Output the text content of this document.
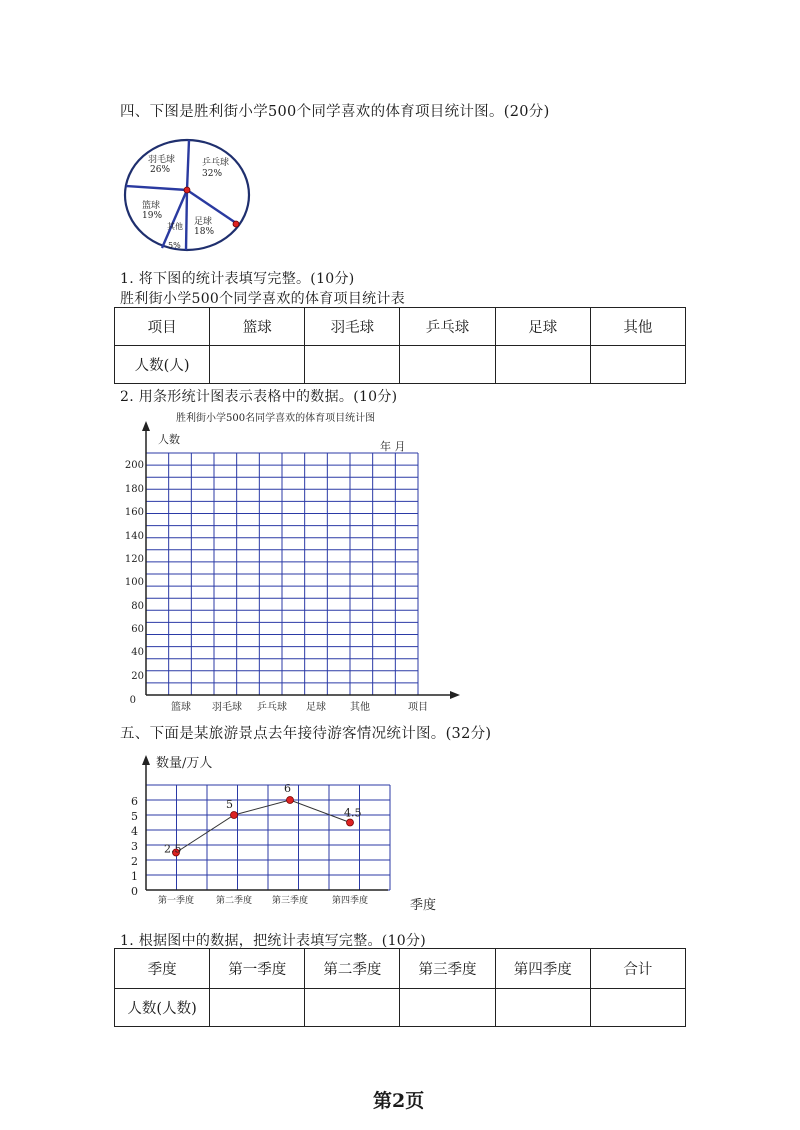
四、下图是胜利街小学500个同学喜欢的体育项目统计图。(20分)
羽毛球
26%
乒乓球
32%
篮球
19%
足球
18%
其他
5%
1. 将下图的统计表填写完整。(10分)
胜利街小学500个同学喜欢的体育项目统计表
项目	篮球	羽毛球	乒乓球	足球	其他
人数(人)					
2. 用条形统计图表示表格中的数据。(10分)
胜利街小学500名同学喜欢的体育项目统计图
人数
年 月
200
180
160
140
120
100
80
60
40
20
0
篮球 羽毛球 乒乓球 足球 其他	项目
五、下面是某旅游景点去年接待游客情况统计图。(32分)
数量/万人
6
5
4
3
2
1
0
第一季度 第二季度 第三季度	第四季度	季度
2.5
5
6
4.5
1. 根据图中的数据，把统计表填写完整。(10分)
季度	第一季度	第二季度	第三季度	第四季度	合计
人数(人数)					
第2页
